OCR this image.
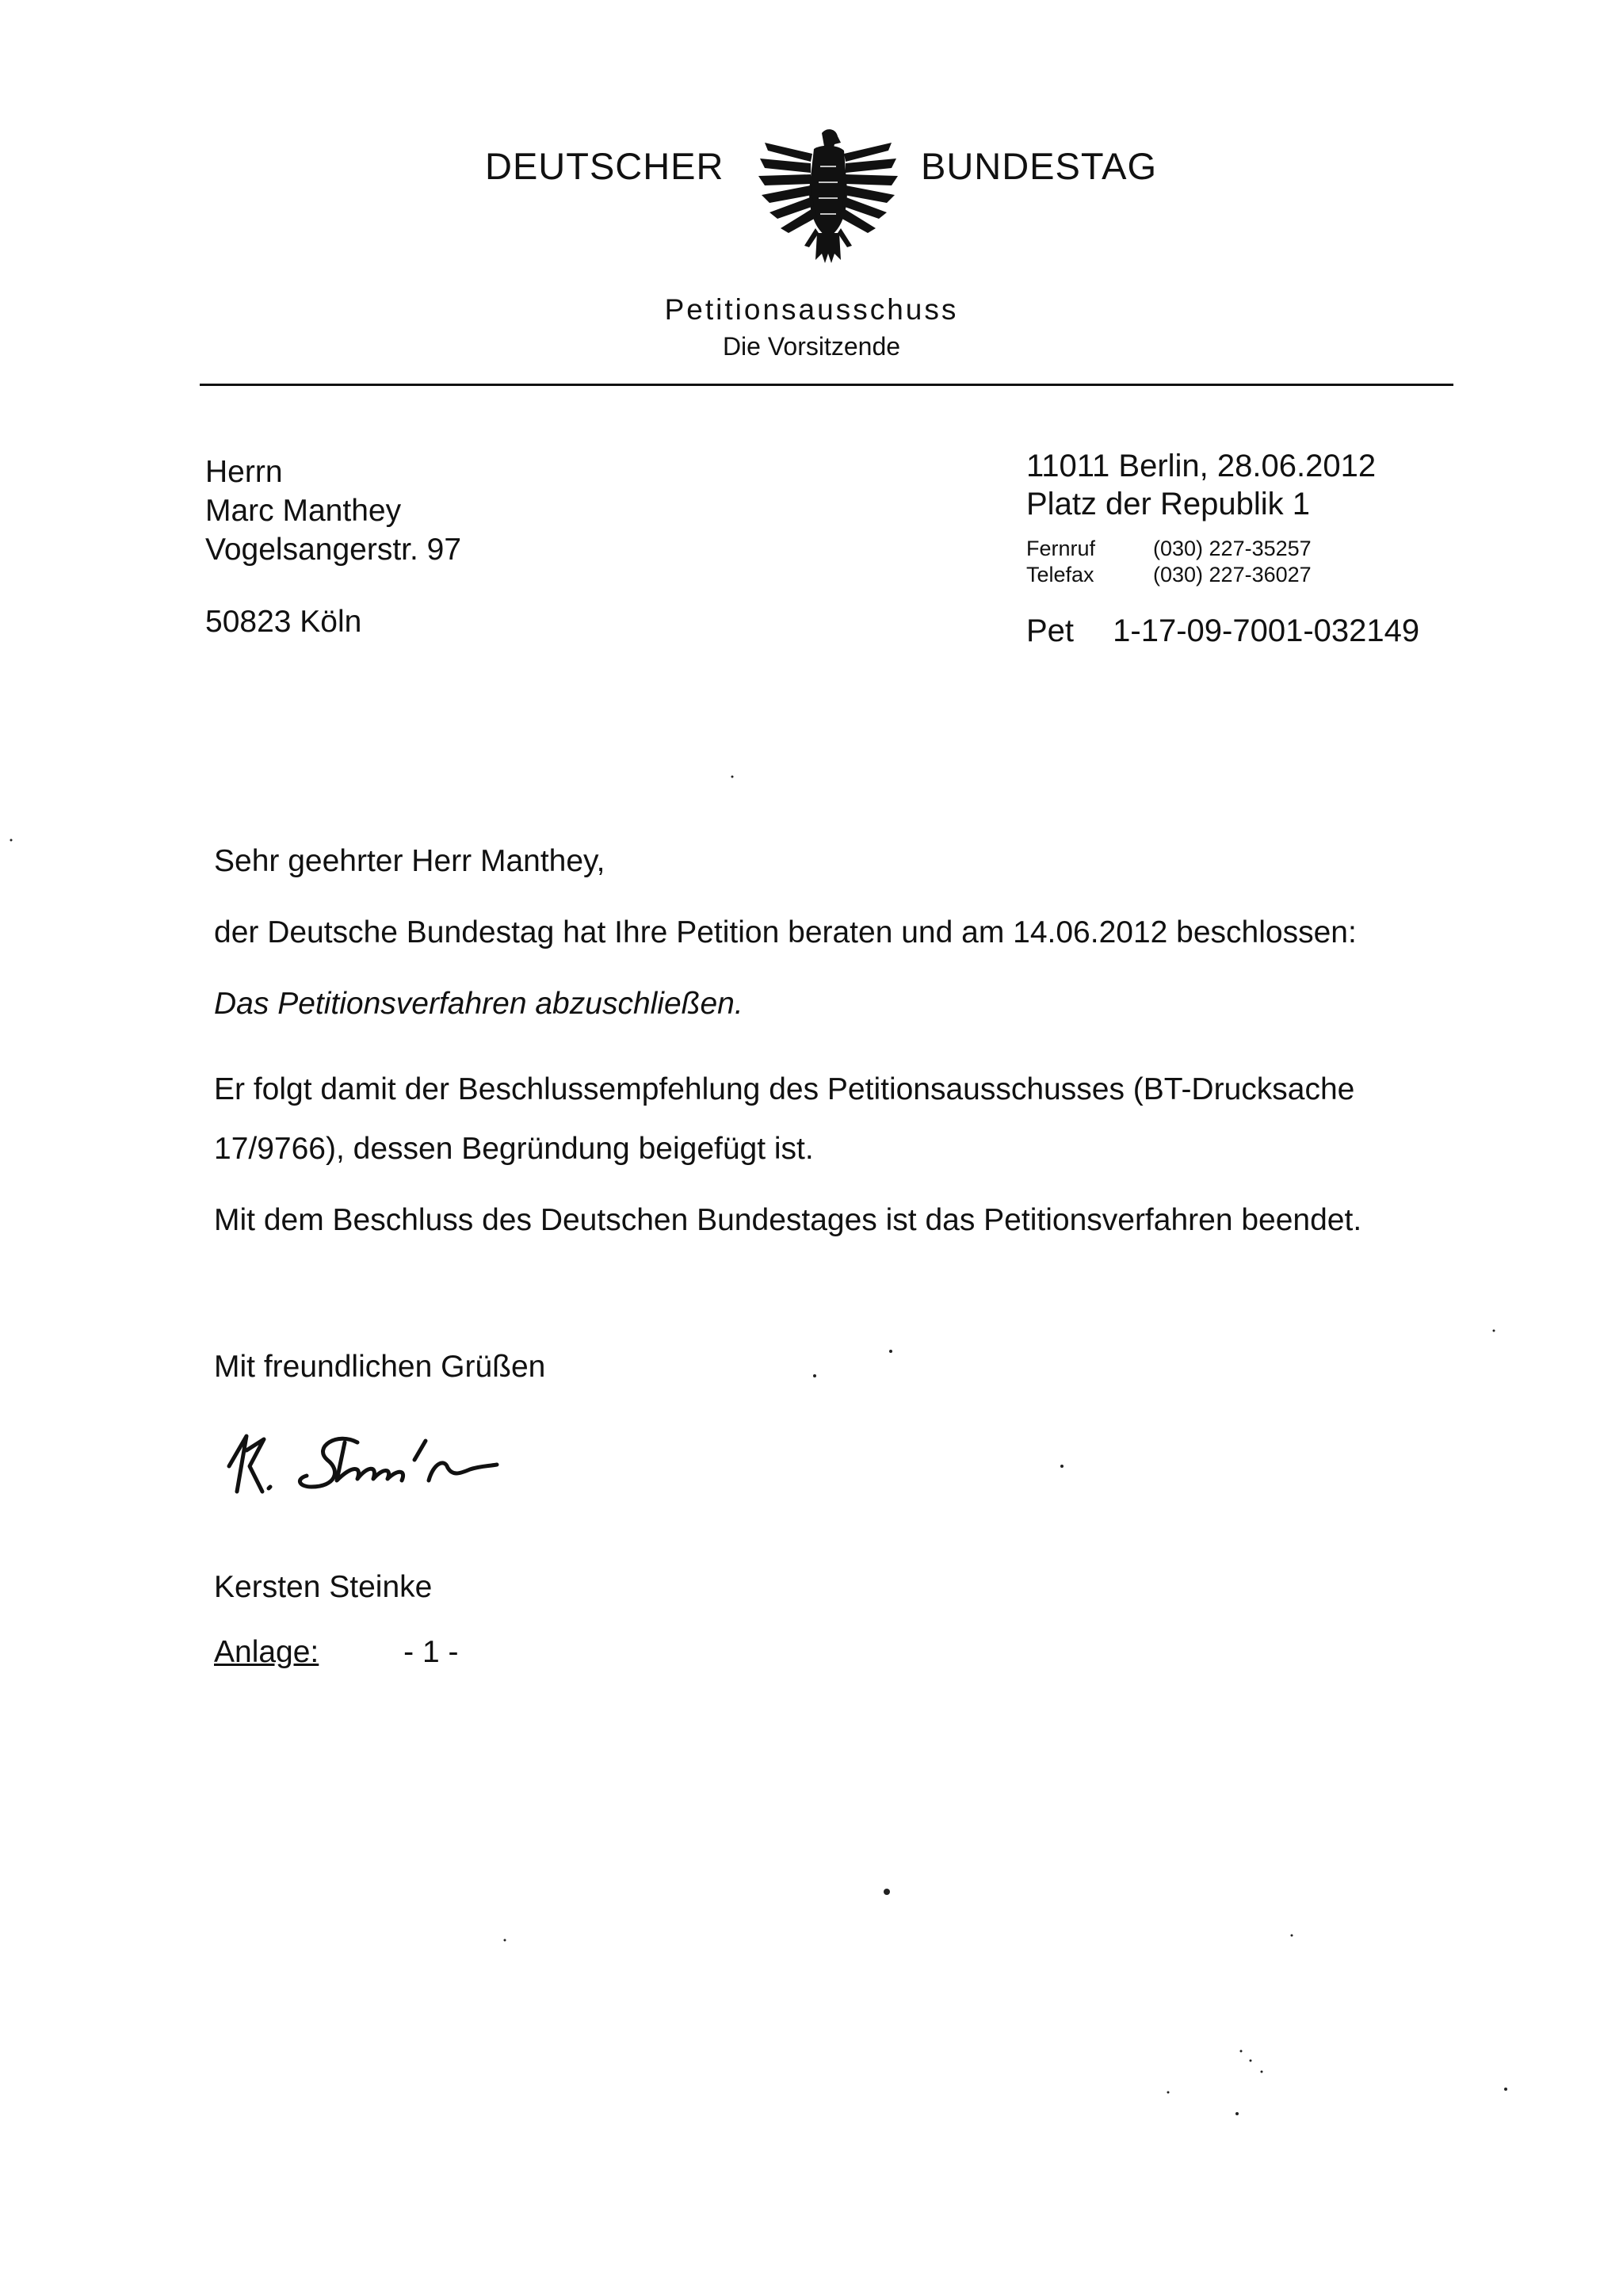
DEUTSCHER	BUNDESTAG
Petitionsausschuss
Die Vorsitzende
Herrn
Marc Manthey
Vogelsangerstr. 97
50823 Köln
11011 Berlin, 28.06.2012
Platz der Republik 1
Fernruf	(030) 227-35257
Telefax	(030) 227-36027
Pet 1-17-09-7001-032149
Sehr geehrter Herr Manthey,
der Deutsche Bundestag hat Ihre Petition beraten und am 14.06.2012 beschlossen:
Das Petitionsverfahren abzuschließen.
Er folgt damit der Beschlussempfehlung des Petitionsausschusses (BT-Drucksache
17/9766), dessen Begründung beigefügt ist.
Mit dem Beschluss des Deutschen Bundestages ist das Petitionsverfahren beendet.
Mit freundlichen Grüßen
Kersten Steinke
Anlage:	- 1 -
